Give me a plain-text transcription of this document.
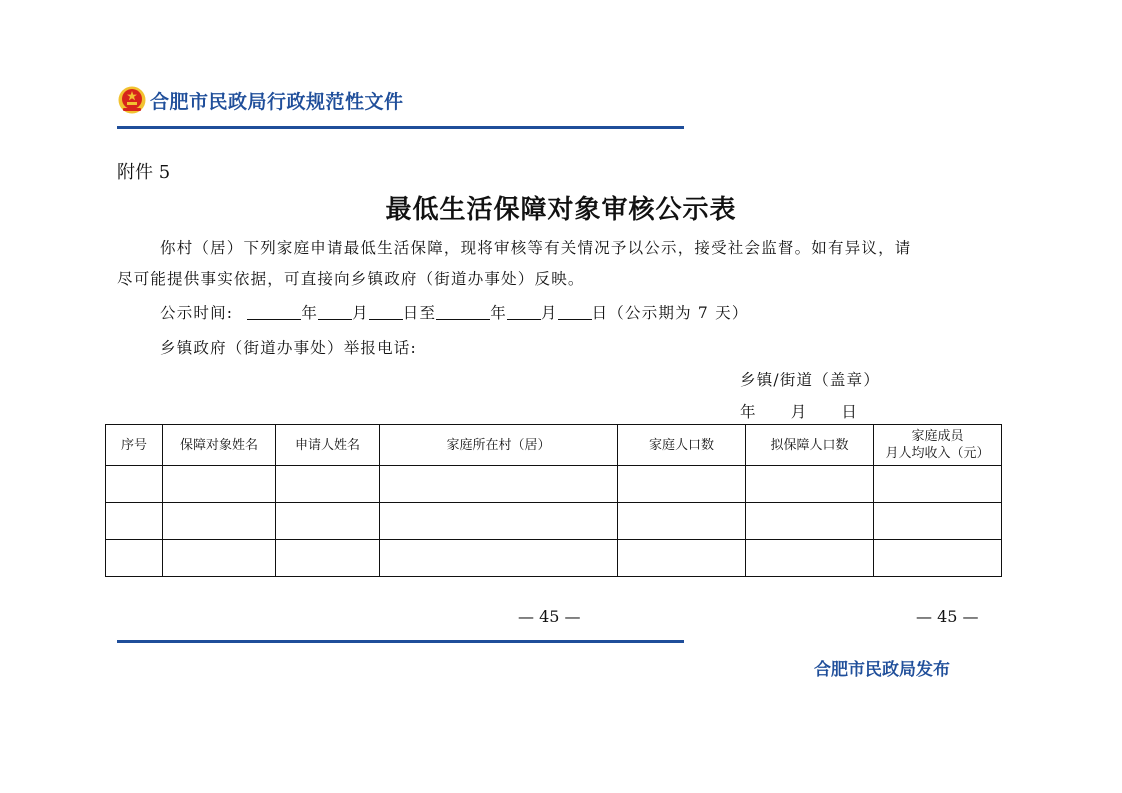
合肥市民政局行政规范性文件
附件 5
最低生活保障对象审核公示表
你村（居）下列家庭申请最低生活保障，现将审核等有关情况予以公示，接受社会监督。如有异议，请
尽可能提供事实依据，可直接向乡镇政府（街道办事处）反映。
公示时间:	年 月 日至	年 月 日（公示期为 7 天）
乡镇政府（街道办事处）举报电话:
乡镇/街道（盖章）
年 月 日
序号	保障对象姓名	申请人姓名	家庭所在村（居）	家庭人口数	拟保障人口数	家庭成员
月人均收入（元）

— 45 —	— 45 —
合肥市民政局发布
